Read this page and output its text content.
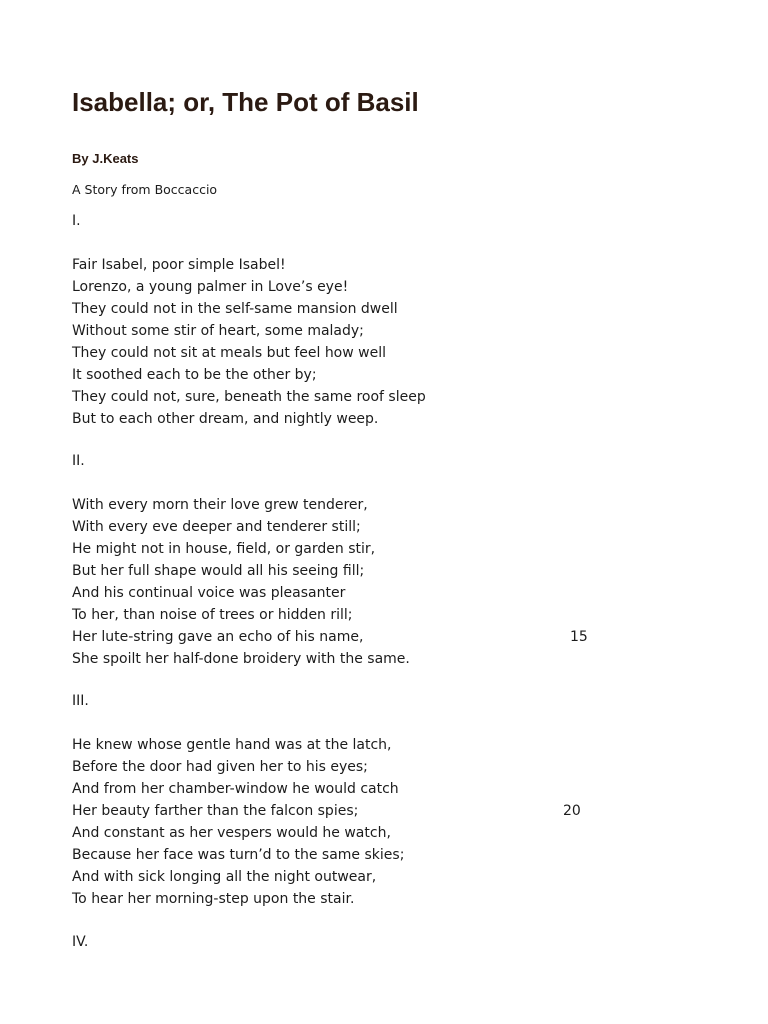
Isabella; or, The Pot of Basil
By J.Keats
A Story from Boccaccio
I.
Fair Isabel, poor simple Isabel!
Lorenzo, a young palmer in Love’s eye!
They could not in the self-same mansion dwell
Without some stir of heart, some malady;
They could not sit at meals but feel how well
It soothed each to be the other by;
They could not, sure, beneath the same roof sleep
But to each other dream, and nightly weep.
II.
With every morn their love grew tenderer,
With every eve deeper and tenderer still;
He might not in house, field, or garden stir,
But her full shape would all his seeing fill;
And his continual voice was pleasanter
To her, than noise of trees or hidden rill;
Her lute-string gave an echo of his name,	15
She spoilt her half-done broidery with the same.
III.
He knew whose gentle hand was at the latch,
Before the door had given her to his eyes;
And from her chamber-window he would catch
Her beauty farther than the falcon spies;	20
And constant as her vespers would he watch,
Because her face was turn’d to the same skies;
And with sick longing all the night outwear,
To hear her morning-step upon the stair.
IV.
